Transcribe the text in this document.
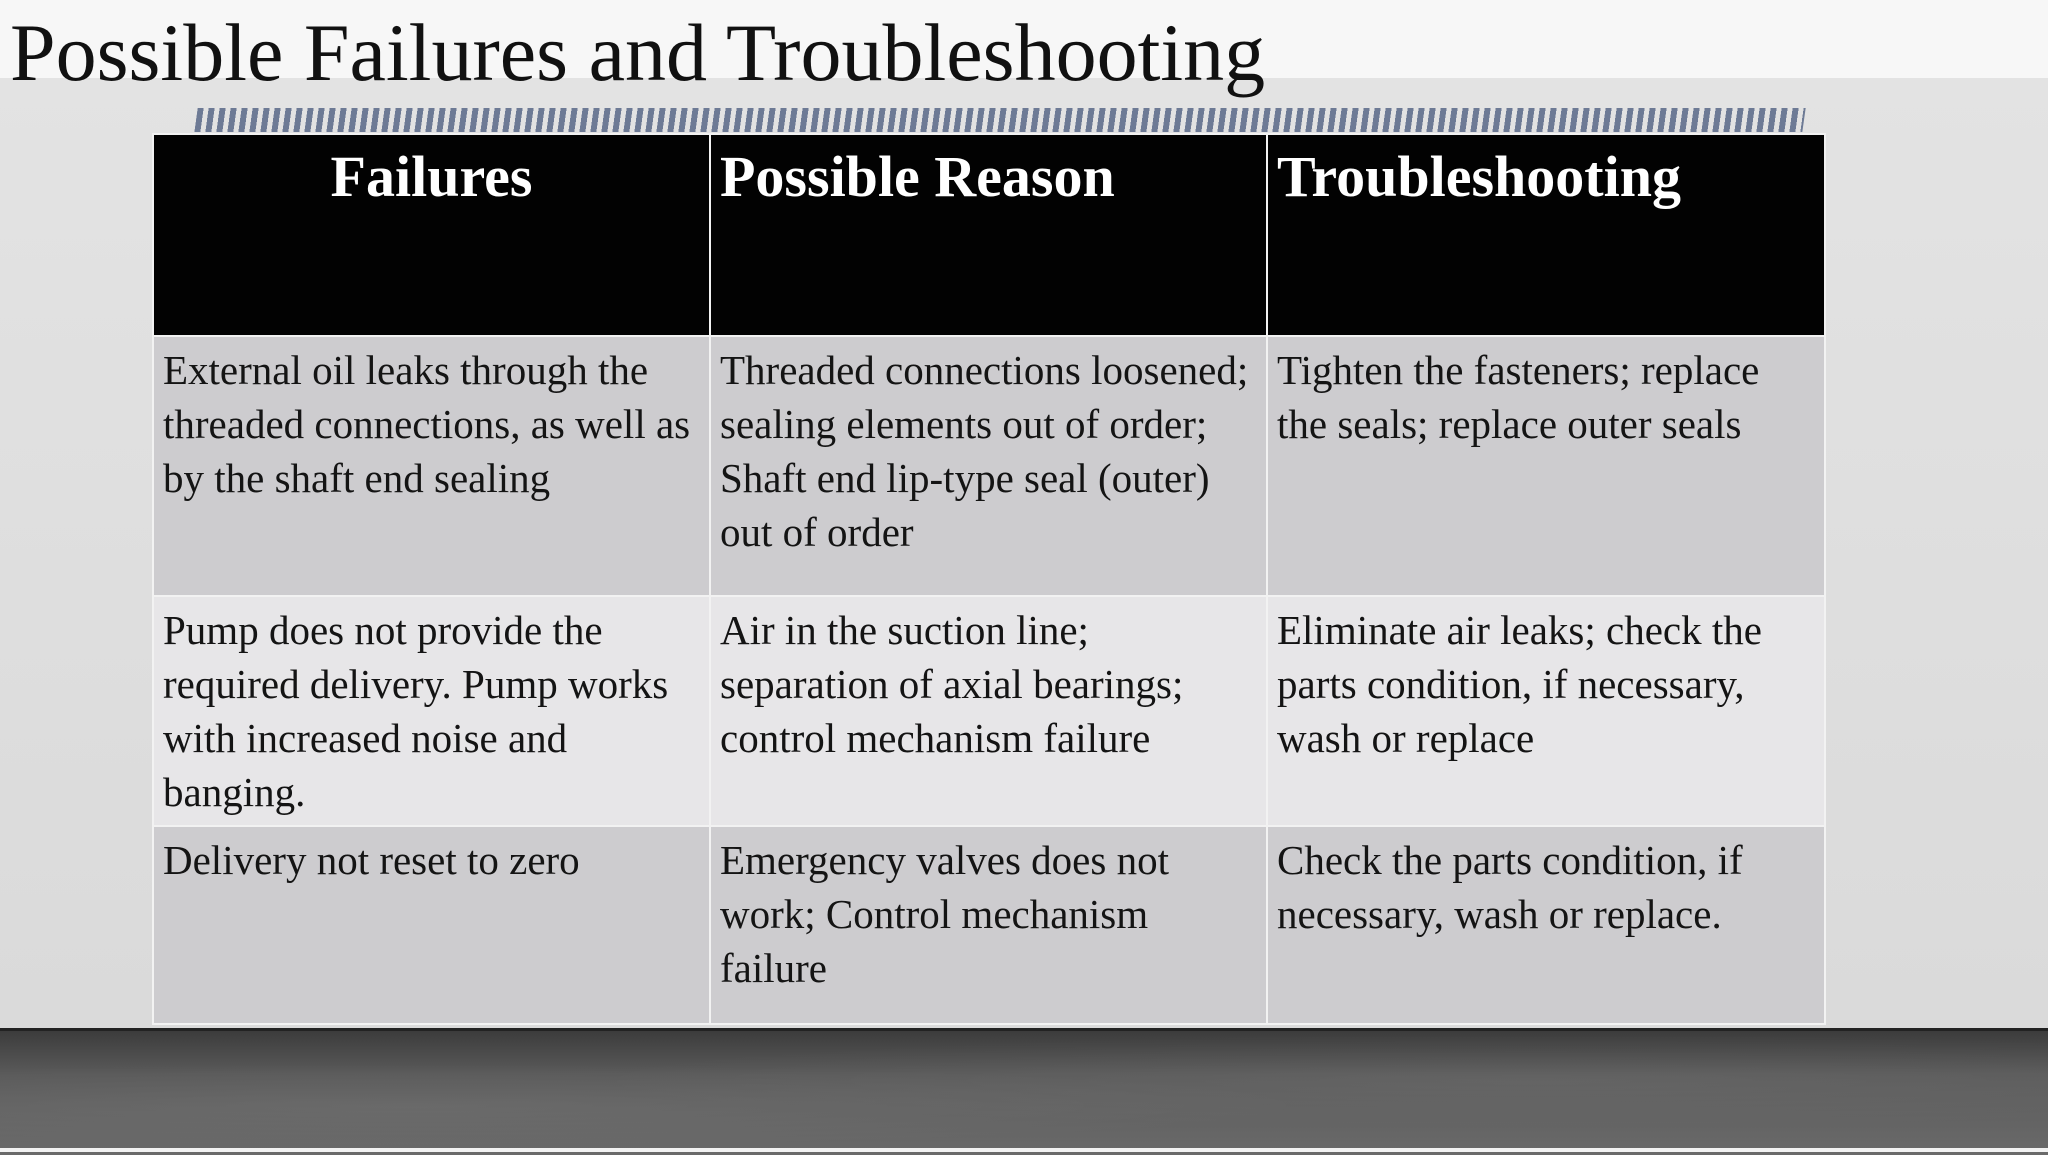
Possible Failures and Troubleshooting
Failures	Possible Reason	Troubleshooting
External oil leaks through the threaded connections, as well as by the shaft end sealing	Threaded connections loosened; sealing elements out of order; Shaft end lip-type seal (outer) out of order	Tighten the fasteners; replace the seals; replace outer seals
Pump does not provide the required delivery. Pump works with increased noise and banging.	Air in the suction line; separation of axial bearings; control mechanism failure	Eliminate air leaks; check the parts condition, if necessary, wash or replace
Delivery not reset to zero	Emergency valves does not work; Control mechanism failure	Check the parts condition, if necessary, wash or replace.
